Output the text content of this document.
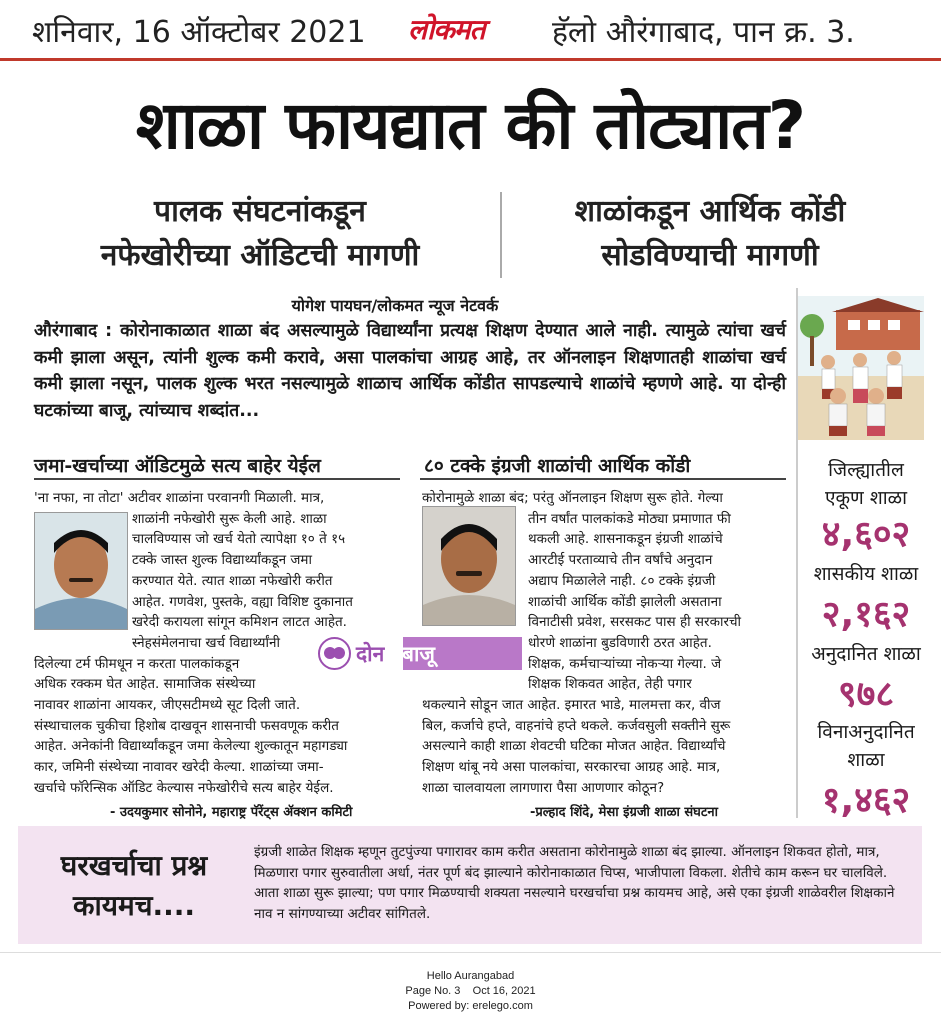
शनिवार, 16 ऑक्टोबर 2021 लोकमत हॅलो औरंगाबाद, पान क्र. 3.
शाळा फायद्यात की तोट्यात?
पालक संघटनांकडून
नफेखोरीच्या ऑडिटची मागणी
शाळांकडून आर्थिक कोंडी
सोडविण्याची मागणी
योगेश पायघन/लोकमत न्यूज नेटवर्क
औरंगाबाद : कोरोनाकाळात शाळा बंद असल्यामुळे विद्यार्थ्यांना प्रत्यक्ष शिक्षण देण्यात आले नाही. त्यामुळे त्यांचा खर्च कमी झाला असून, त्यांनी शुल्क कमी करावे, असा पालकांचा आग्रह आहे, तर ऑनलाइन शिक्षणातही शाळांचा खर्च कमी झाला नसून, पालक शुल्क भरत नसल्यामुळे शाळाच आर्थिक कोंडीत सापडल्याचे शाळांचे म्हणणे आहे. या दोन्ही घटकांच्या बाजू, त्यांच्याच शब्दांत...
जमा-खर्चाच्या ऑडिटमुळे सत्य बाहेर येईल
'ना नफा, ना तोटा' अटीवर शाळांना परवानगी मिळाली. मात्र,
शाळांनी नफेखोरी सुरू केली आहे. शाळा
चालविण्यास जो खर्च येतो त्यापेक्षा १० ते १५
टक्के जास्त शुल्क विद्यार्थ्यांकडून जमा
करण्यात येते. त्यात शाळा नफेखोरी करीत
आहेत. गणवेश, पुस्तके, वह्या विशिष्ट दुकानात
खरेदी करायला सांगून कमिशन लाटत आहेत.
स्नेहसंमेलनाचा खर्च विद्यार्थ्यांनी
दिलेल्या टर्म फीमधून न करता पालकांकडून
अधिक रक्कम घेत आहेत. सामाजिक संस्थेच्या
नावावर शाळांना आयकर, जीएसटीमध्ये सूट दिली जाते.
संस्थाचालक चुकीचा हिशोब दाखवून शासनाची फसवणूक करीत
आहेत. अनेकांनी विद्यार्थ्यांकडून जमा केलेल्या शुल्कातून महागड्या
कार, जमिनी संस्थेच्या नावावर खरेदी केल्या. शाळांच्या जमा-
खर्चाचे फॉरेन्सिक ऑडिट केल्यास नफेखोरीचे सत्य बाहेर येईल.
- उदयकुमार सोनोने, महाराष्ट्र पॅरेंट्स ॲक्शन कमिटी
८० टक्के इंग्रजी शाळांची आर्थिक कोंडी
कोरोनामुळे शाळा बंद; परंतु ऑनलाइन शिक्षण सुरू होते. गेल्या
तीन वर्षांत पालकांकडे मोठ्या प्रमाणात फी
थकली आहे. शासनाकडून इंग्रजी शाळांचे
आरटीई परताव्याचे तीन वर्षांचे अनुदान
अद्याप मिळालेले नाही. ८० टक्के इंग्रजी
शाळांची आर्थिक कोंडी झालेली असताना
विनाटीसी प्रवेश, सरसकट पास ही सरकारची
धोरणे शाळांना बुडविणारी ठरत आहेत.
शिक्षक, कर्मचाऱ्यांच्या नोकऱ्या गेल्या. जे
शिक्षक शिकवत आहेत, तेही पगार
थकल्याने सोडून जात आहेत. इमारत भाडे, मालमत्ता कर, वीज
बिल, कर्जाचे हप्ते, वाहनांचे हप्ते थकले. कर्जवसुली सक्तीने सुरू
असल्याने काही शाळा शेवटची घटिका मोजत आहेत. विद्यार्थ्यांचे
शिक्षण थांबू नये असा पालकांचा, सरकारचा आग्रह आहे. मात्र,
शाळा चालवायला लागणारा पैसा आणणार कोठून?
-प्रल्हाद शिंदे, मेसा इंग्रजी शाळा संघटना
दोन बाजू
जिल्ह्यातील
एकूण शाळा
४,६०२
शासकीय शाळा
२,१६२
अनुदानित शाळा
९७८
विनाअनुदानित
शाळा
१,४६२
घरखर्चाचा प्रश्न
कायमच....
इंग्रजी शाळेत शिक्षक म्हणून तुटपुंज्या पगारावर काम करीत असताना कोरोनामुळे शाळा बंद झाल्या. ऑनलाइन शिकवत होतो, मात्र, मिळणारा पगार सुरुवातीला अर्धा, नंतर पूर्ण बंद झाल्याने कोरोनाकाळात चिप्स, भाजीपाला विकला. शेतीचे काम करून घर चालविले. आता शाळा सुरू झाल्या; पण पगार मिळण्याची शक्यता नसल्याने घरखर्चाचा प्रश्न कायमच आहे, असे एका इंग्रजी शाळेवरील शिक्षकाने नाव न सांगण्याच्या अटीवर सांगितले.
Hello Aurangabad
Page No. 3    Oct 16, 2021
Powered by: erelego.com
